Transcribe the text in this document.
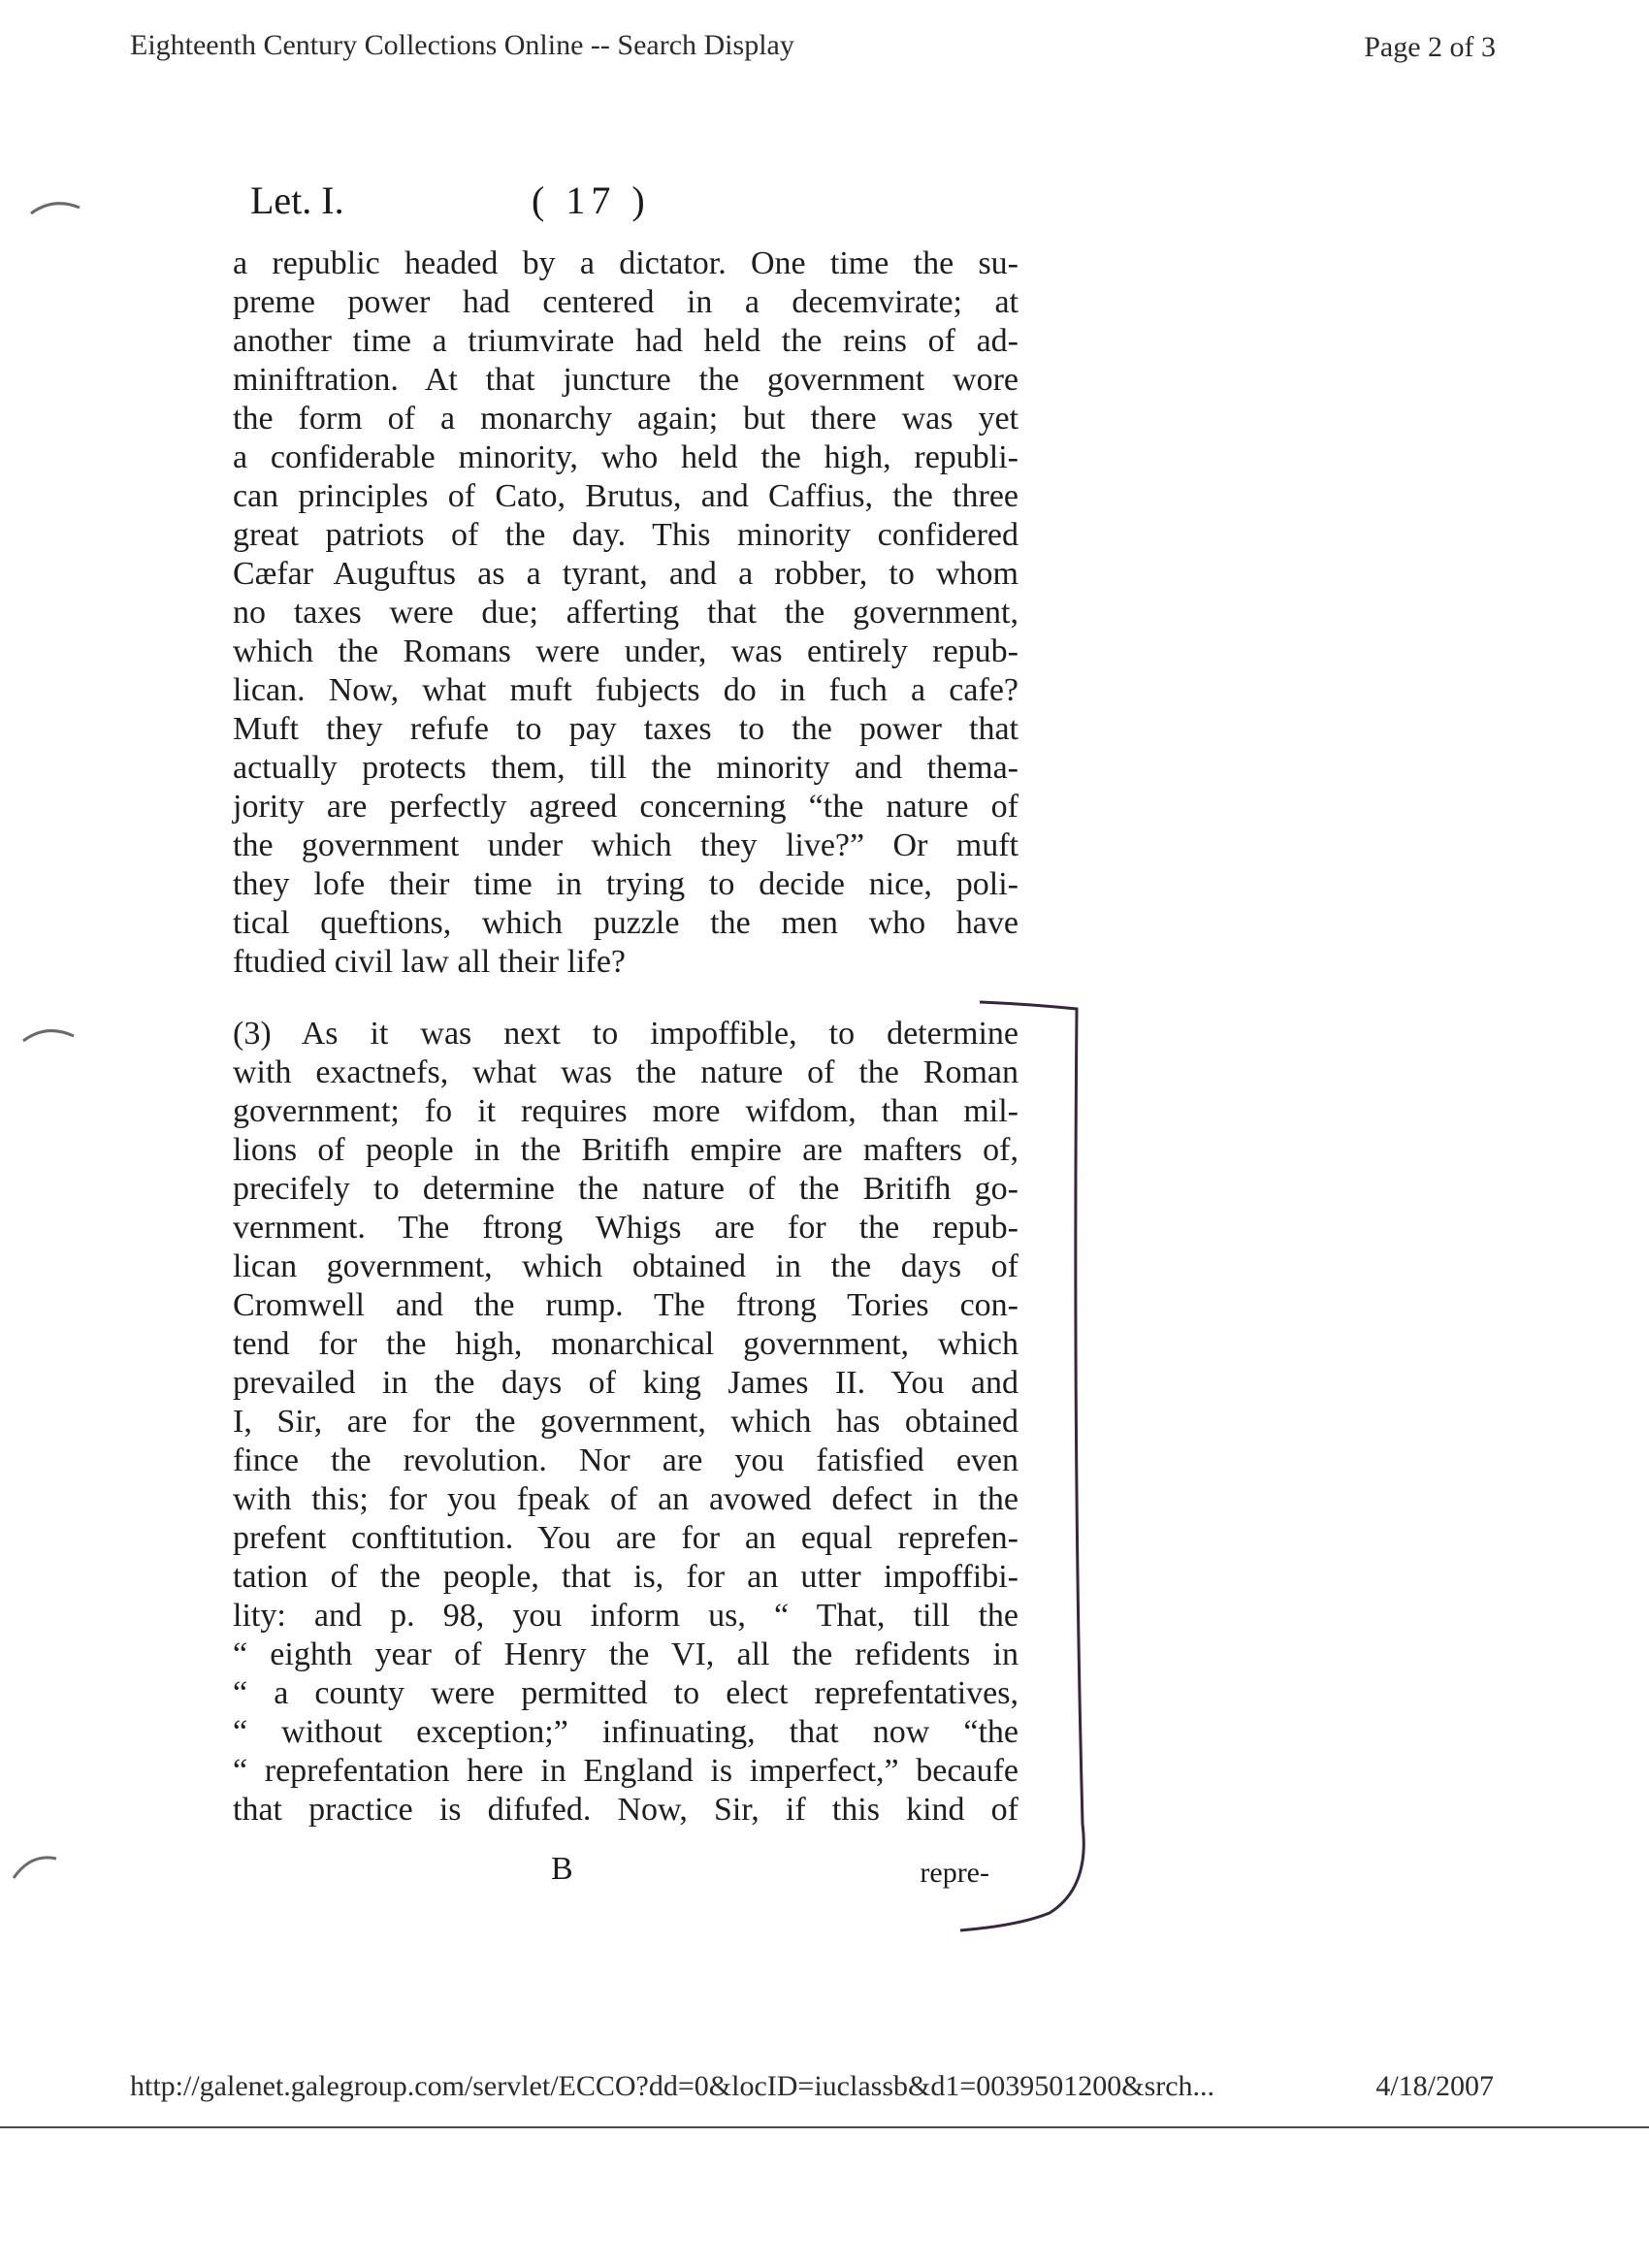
Eighteenth Century Collections Online -- Search Display	Page 2 of 3
Let. I.	( 17 )
a republic headed by a dictator. One time the su-
preme power had centered in a decemvirate; at
another time a triumvirate had held the reins of ad-
miniftration. At that juncture the government wore
the form of a monarchy again; but there was yet
a confiderable minority, who held the high, republi-
can principles of Cato, Brutus, and Caffius, the three
great patriots of the day. This minority confidered
Cæfar Auguftus as a tyrant, and a robber, to whom
no taxes were due; afferting that the government,
which the Romans were under, was entirely repub-
lican. Now, what muft fubjects do in fuch a cafe?
Muft they refufe to pay taxes to the power that
actually protects them, till the minority and thema-
jority are perfectly agreed concerning “the nature of
the government under which they live?” Or muft
they lofe their time in trying to decide nice, poli-
tical queftions, which puzzle the men who have
ftudied civil law all their life?
(3) As it was next to impoffible, to determine
with exactnefs, what was the nature of the Roman
government; fo it requires more wifdom, than mil-
lions of people in the Britifh empire are mafters of,
precifely to determine the nature of the Britifh go-
vernment. The ftrong Whigs are for the repub-
lican government, which obtained in the days of
Cromwell and the rump. The ftrong Tories con-
tend for the high, monarchical government, which
prevailed in the days of king James II. You and
I, Sir, are for the government, which has obtained
fince the revolution. Nor are you fatisfied even
with this; for you fpeak of an avowed defect in the
prefent conftitution. You are for an equal reprefen-
tation of the people, that is, for an utter impoffibi-
lity: and p. 98, you inform us, “ That, till the
“ eighth year of Henry the VI, all the refidents in
“ a county were permitted to elect reprefentatives,
“ without exception;” infinuating, that now “the
“ reprefentation here in England is imperfect,” becaufe
that practice is difufed. Now, Sir, if this kind of
B	repre-
http://galenet.galegroup.com/servlet/ECCO?dd=0&locID=iuclassb&d1=0039501200&srch...	4/18/2007
